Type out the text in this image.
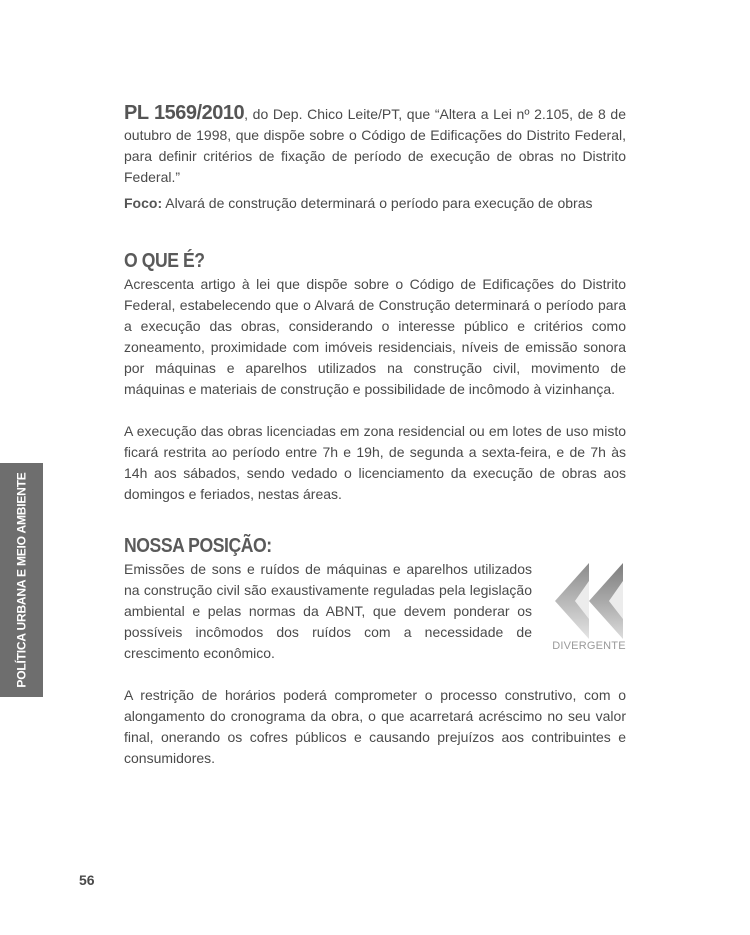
POLÍTICA URBANA E MEIO AMBIENTE

PL 1569/2010, do Dep. Chico Leite/PT, que “Altera a Lei nº 2.105, de 8 de outubro de 1998, que dispõe sobre o Código de Edificações do Distrito Federal, para definir critérios de fixação de período de execução de obras no Distrito Federal.”

Foco: Alvará de construção determinará o período para execução de obras

O QUE É?

Acrescenta artigo à lei que dispõe sobre o Código de Edificações do Distrito Federal, estabelecendo que o Alvará de Construção determinará o período para a execução das obras, considerando o interesse público e critérios como zoneamento, proximidade com imóveis residenciais, níveis de emissão sonora por máquinas e aparelhos utilizados na construção civil, movimento de máquinas e materiais de construção e possibilidade de incômodo à vizinhança.

A execução das obras licenciadas em zona residencial ou em lotes de uso misto ficará restrita ao período entre 7h e 19h, de segunda a sexta-feira, e de 7h às 14h aos sábados, sendo vedado o licenciamento da execução de obras aos domingos e feriados, nestas áreas.

NOSSA POSIÇÃO:

Emissões de sons e ruídos de máquinas e aparelhos utilizados na construção civil são exaustivamente reguladas pela legislação ambiental e pelas normas da ABNT, que devem ponderar os possíveis incômodos dos ruídos com a necessidade de crescimento econômico.	DIVERGENTE

A restrição de horários poderá comprometer o processo construtivo, com o alongamento do cronograma da obra, o que acarretará acréscimo no seu valor final, onerando os cofres públicos e causando prejuízos aos contribuintes e consumidores.

56
